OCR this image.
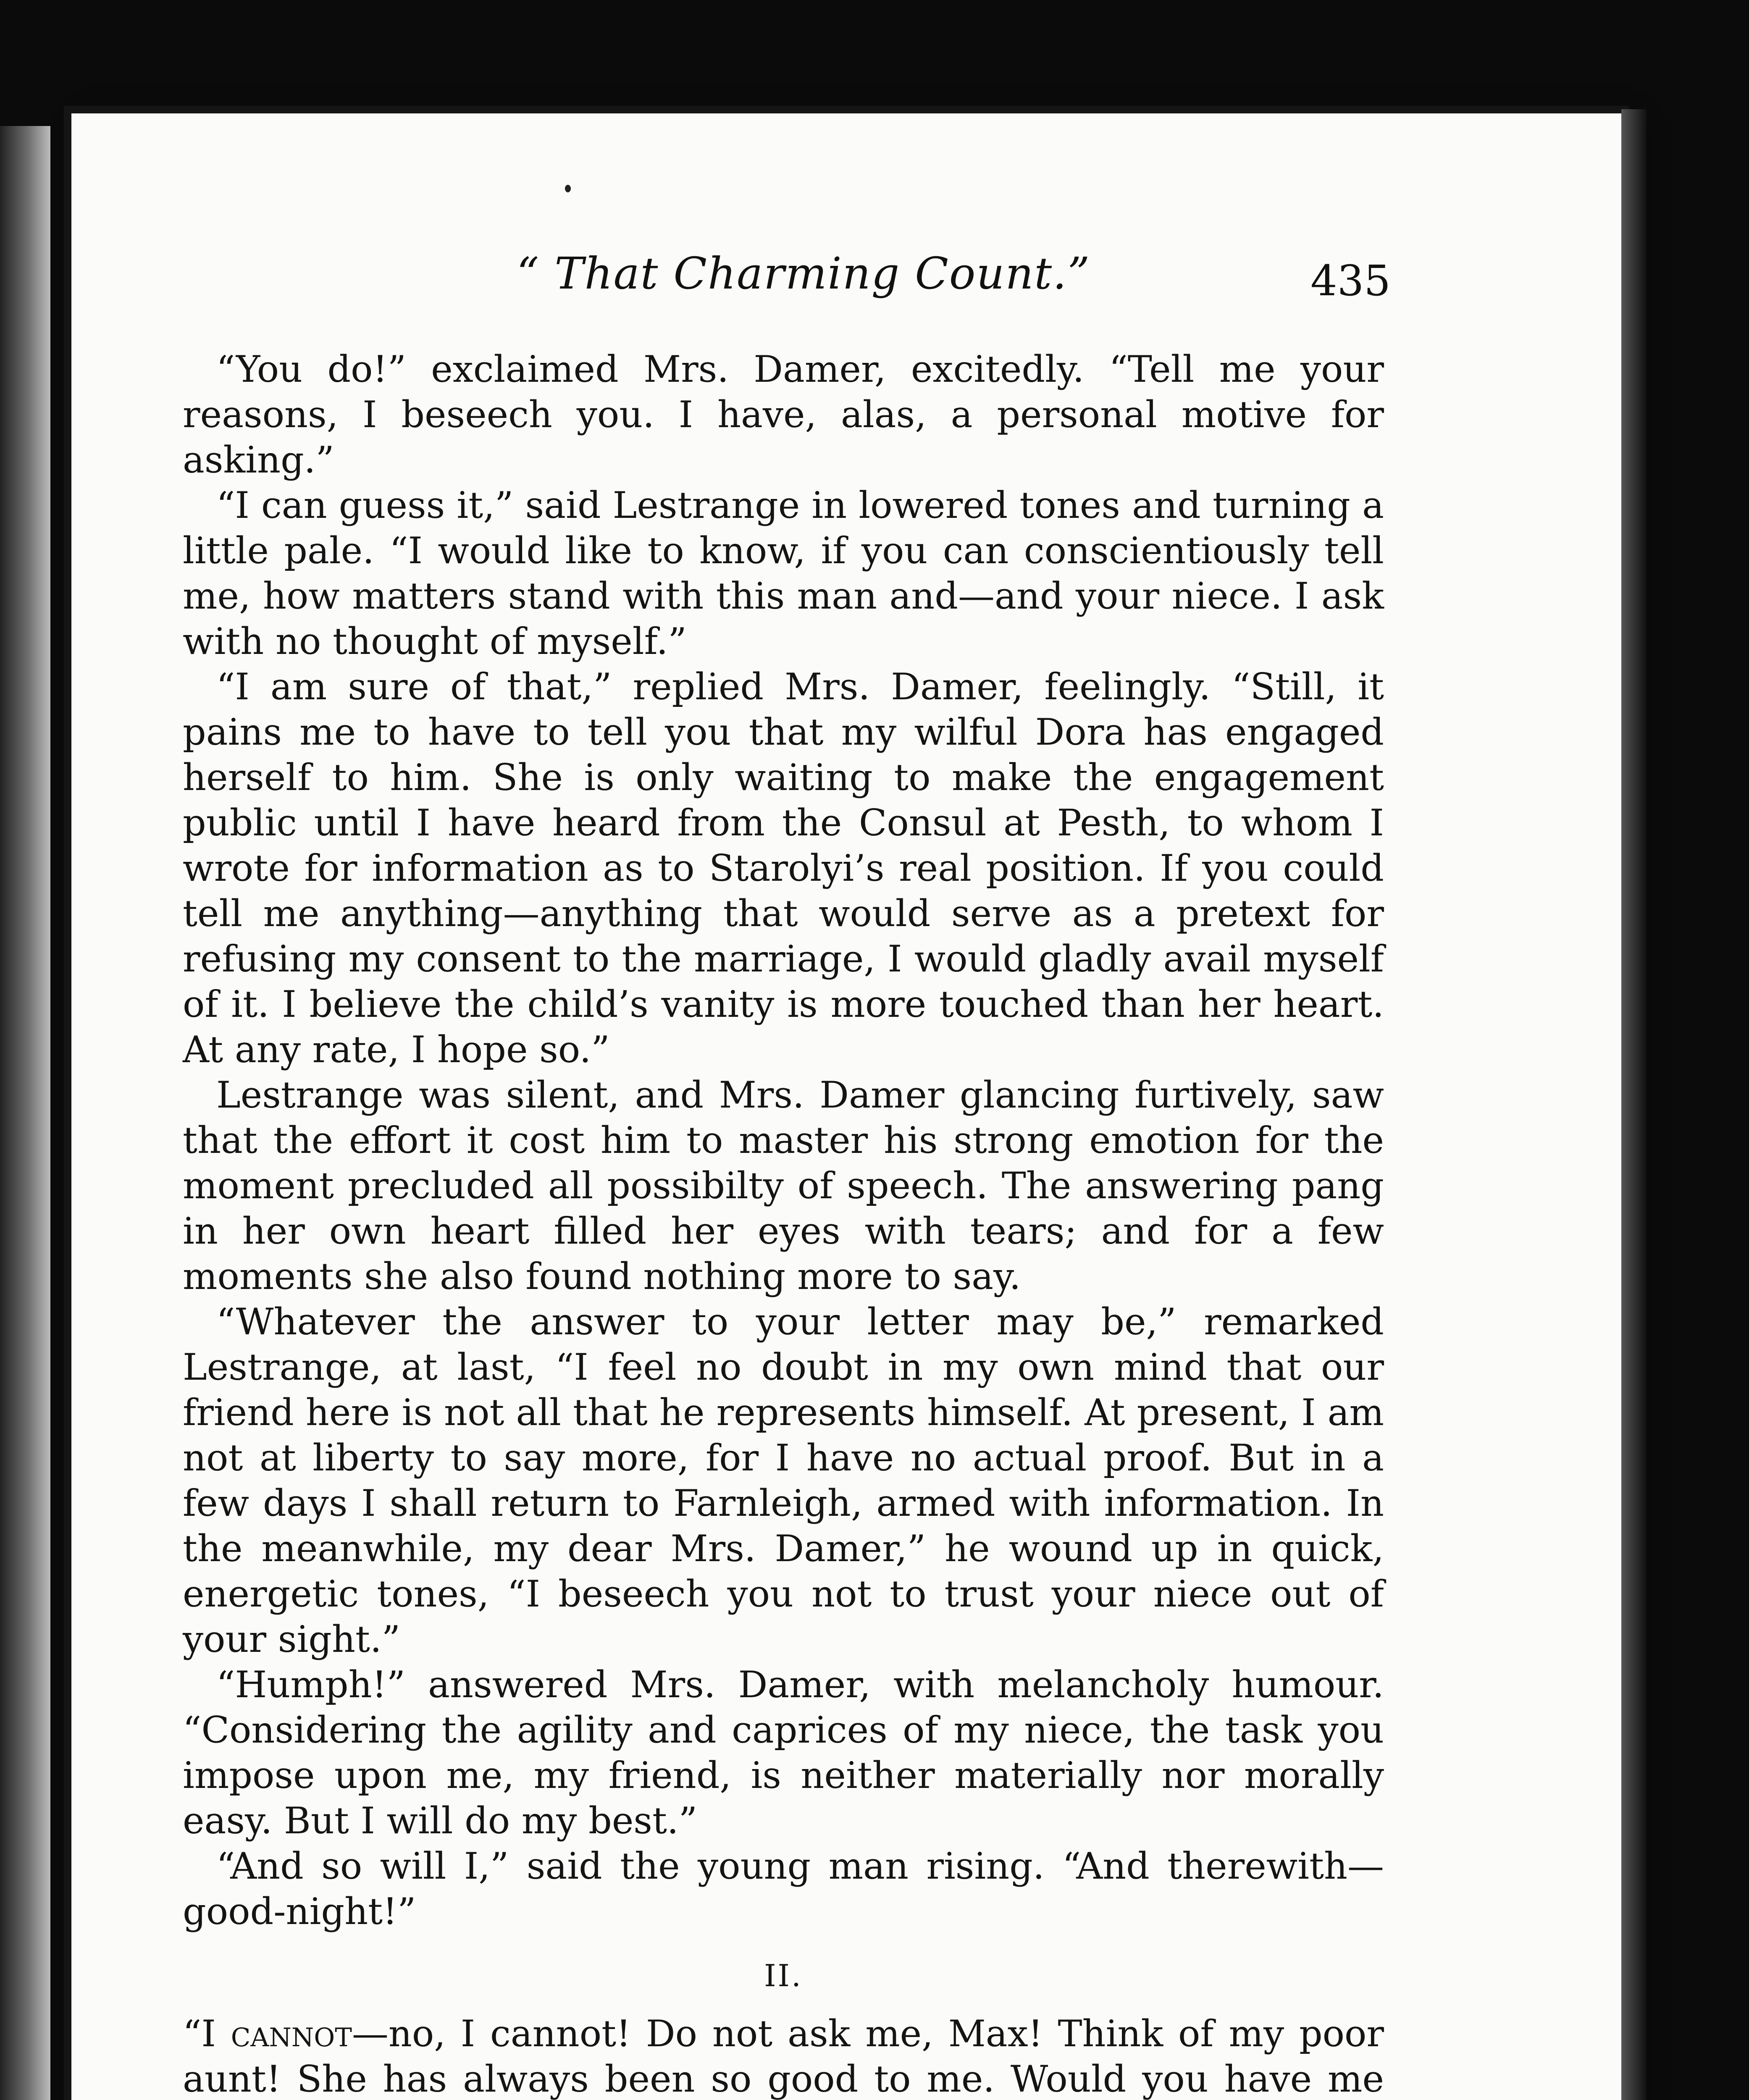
“ That Charming Count.”	435

“You do!” exclaimed Mrs. Damer, excitedly. “Tell me your reasons, I beseech you. I have, alas, a personal motive for asking.”

“I can guess it,” said Lestrange in lowered tones and turning a little pale. “I would like to know, if you can conscientiously tell me, how matters stand with this man and—and your niece. I ask with no thought of myself.”

“I am sure of that,” replied Mrs. Damer, feelingly. “Still, it pains me to have to tell you that my wilful Dora has engaged herself to him. She is only waiting to make the engagement public until I have heard from the Consul at Pesth, to whom I wrote for information as to Starolyi’s real position. If you could tell me anything—anything that would serve as a pretext for refusing my consent to the marriage, I would gladly avail myself of it. I believe the child’s vanity is more touched than her heart. At any rate, I hope so.”

Lestrange was silent, and Mrs. Damer glancing furtively, saw that the effort it cost him to master his strong emotion for the moment precluded all possibilty of speech. The answering pang in her own heart filled her eyes with tears; and for a few moments she also found nothing more to say.

“Whatever the answer to your letter may be,” remarked Lestrange, at last, “I feel no doubt in my own mind that our friend here is not all that he represents himself. At present, I am not at liberty to say more, for I have no actual proof. But in a few days I shall return to Farnleigh, armed with information. In the meanwhile, my dear Mrs. Damer,” he wound up in quick, energetic tones, “I beseech you not to trust your niece out of your sight.”

“Humph!” answered Mrs. Damer, with melancholy humour. “Considering the agility and caprices of my niece, the task you impose upon me, my friend, is neither materially nor morally easy. But I will do my best.”

“And so will I,” said the young man rising. “And therewith—good-night!”

II.

“I cannot—no, I cannot! Do not ask me, Max! Think of my poor aunt! She has always been so good to me. Would you have me
